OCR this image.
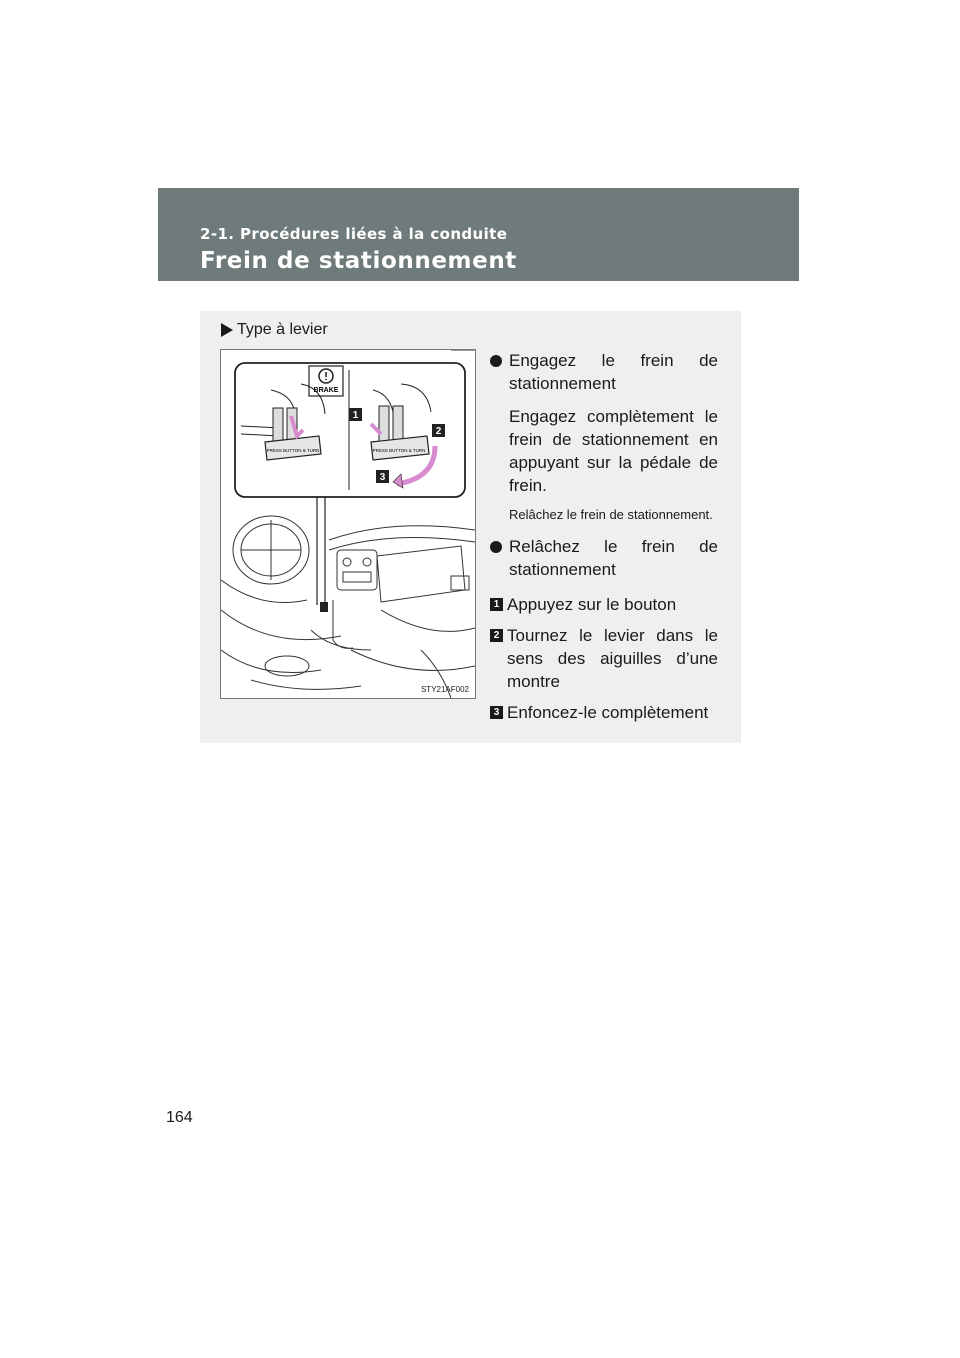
2-1. Procédures liées à la conduite
Frein de stationnement
Type à levier
BRAKE
PRESS BUTTON & TURN	PRESS BUTTON & TURN
1
2
3
STY21AF002
Engagez le frein de stationnement
Engagez complètement le frein de stationnement en appuyant sur la pédale de frein.
Relâchez le frein de stationnement.
Relâchez le frein de stationnement
1 Appuyez sur le bouton
2 Tournez le levier dans le sens des aiguilles d’une montre
3 Enfoncez-le complètement
164
